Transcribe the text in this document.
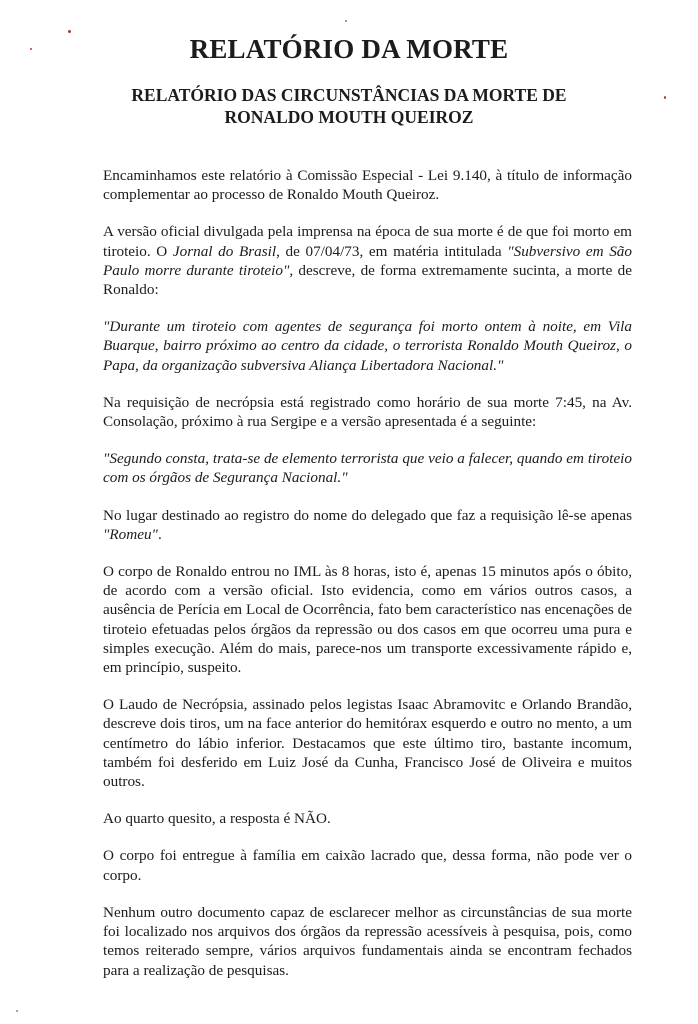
RELATÓRIO DA MORTE
RELATÓRIO DAS CIRCUNSTÂNCIAS DA MORTE DE
RONALDO MOUTH QUEIROZ

Encaminhamos este relatório à Comissão Especial - Lei 9.140, à título de informação complementar ao processo de Ronaldo Mouth Queiroz.

A versão oficial divulgada pela imprensa na época de sua morte é de que foi morto em tiroteio. O Jornal do Brasil, de 07/04/73, em matéria intitulada "Subversivo em São Paulo morre durante tiroteio", descreve, de forma extremamente sucinta, a morte de Ronaldo:

"Durante um tiroteio com agentes de segurança foi morto ontem à noite, em Vila Buarque, bairro próximo ao centro da cidade, o terrorista Ronaldo Mouth Queiroz, o Papa, da organização subversiva Aliança Libertadora Nacional."

Na requisição de necrópsia está registrado como horário de sua morte 7:45, na Av. Consolação, próximo à rua Sergipe e a versão apresentada é a seguinte:

"Segundo consta, trata-se de elemento terrorista que veio a falecer, quando em tiroteio com os órgãos de Segurança Nacional."

No lugar destinado ao registro do nome do delegado que faz a requisição lê-se apenas "Romeu".

O corpo de Ronaldo entrou no IML às 8 horas, isto é, apenas 15 minutos após o óbito, de acordo com a versão oficial. Isto evidencia, como em vários outros casos, a ausência de Perícia em Local de Ocorrência, fato bem característico nas encenações de tiroteio efetuadas pelos órgãos da repressão ou dos casos em que ocorreu uma pura e simples execução. Além do mais, parece-nos um transporte excessivamente rápido e, em princípio, suspeito.

O Laudo de Necrópsia, assinado pelos legistas Isaac Abramovitc e Orlando Brandão, descreve dois tiros, um na face anterior do hemitórax esquerdo e outro no mento, a um centímetro do lábio inferior. Destacamos que este último tiro, bastante incomum, também foi desferido em Luiz José da Cunha, Francisco José de Oliveira e muitos outros.

Ao quarto quesito, a resposta é NÃO.

O corpo foi entregue à família em caixão lacrado que, dessa forma, não pode ver o corpo.

Nenhum outro documento capaz de esclarecer melhor as circunstâncias de sua morte foi localizado nos arquivos dos órgãos da repressão acessíveis à pesquisa, pois, como temos reiterado sempre, vários arquivos fundamentais ainda se encontram fechados para a realização de pesquisas.
